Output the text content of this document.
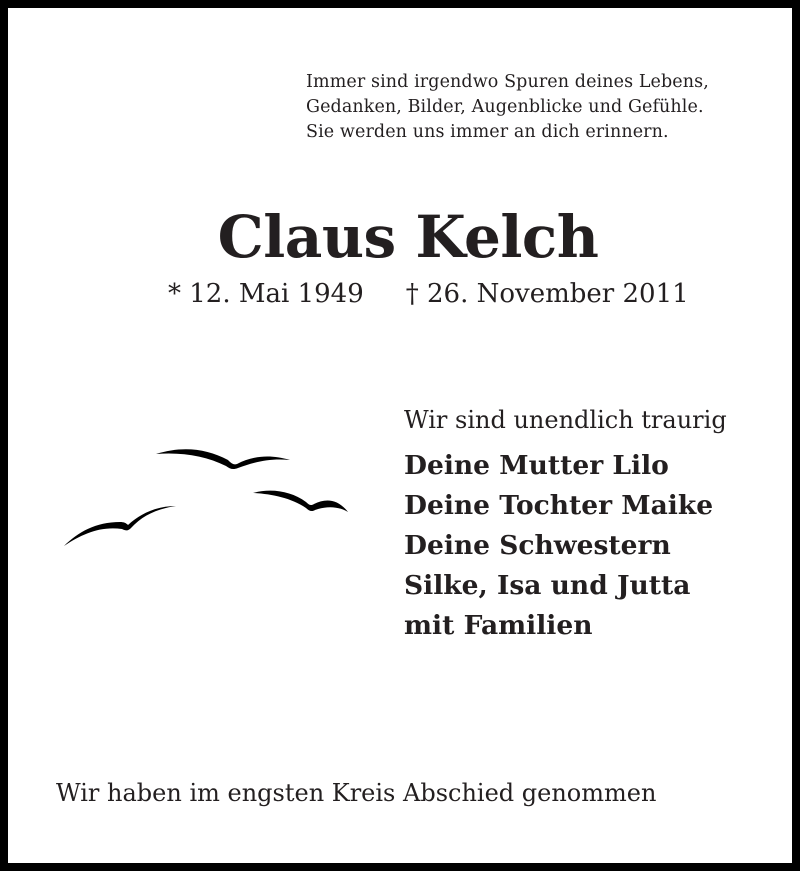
Immer sind irgendwo Spuren deines Lebens,
Gedanken, Bilder, Augenblicke und Gefühle.
Sie werden uns immer an dich erinnern.
Claus Kelch
* 12. Mai 1949 † 26. November 2011
Wir sind unendlich traurig
Deine Mutter Lilo
Deine Tochter Maike
Deine Schwestern
Silke, Isa und Jutta
mit Familien
Wir haben im engsten Kreis Abschied genommen
